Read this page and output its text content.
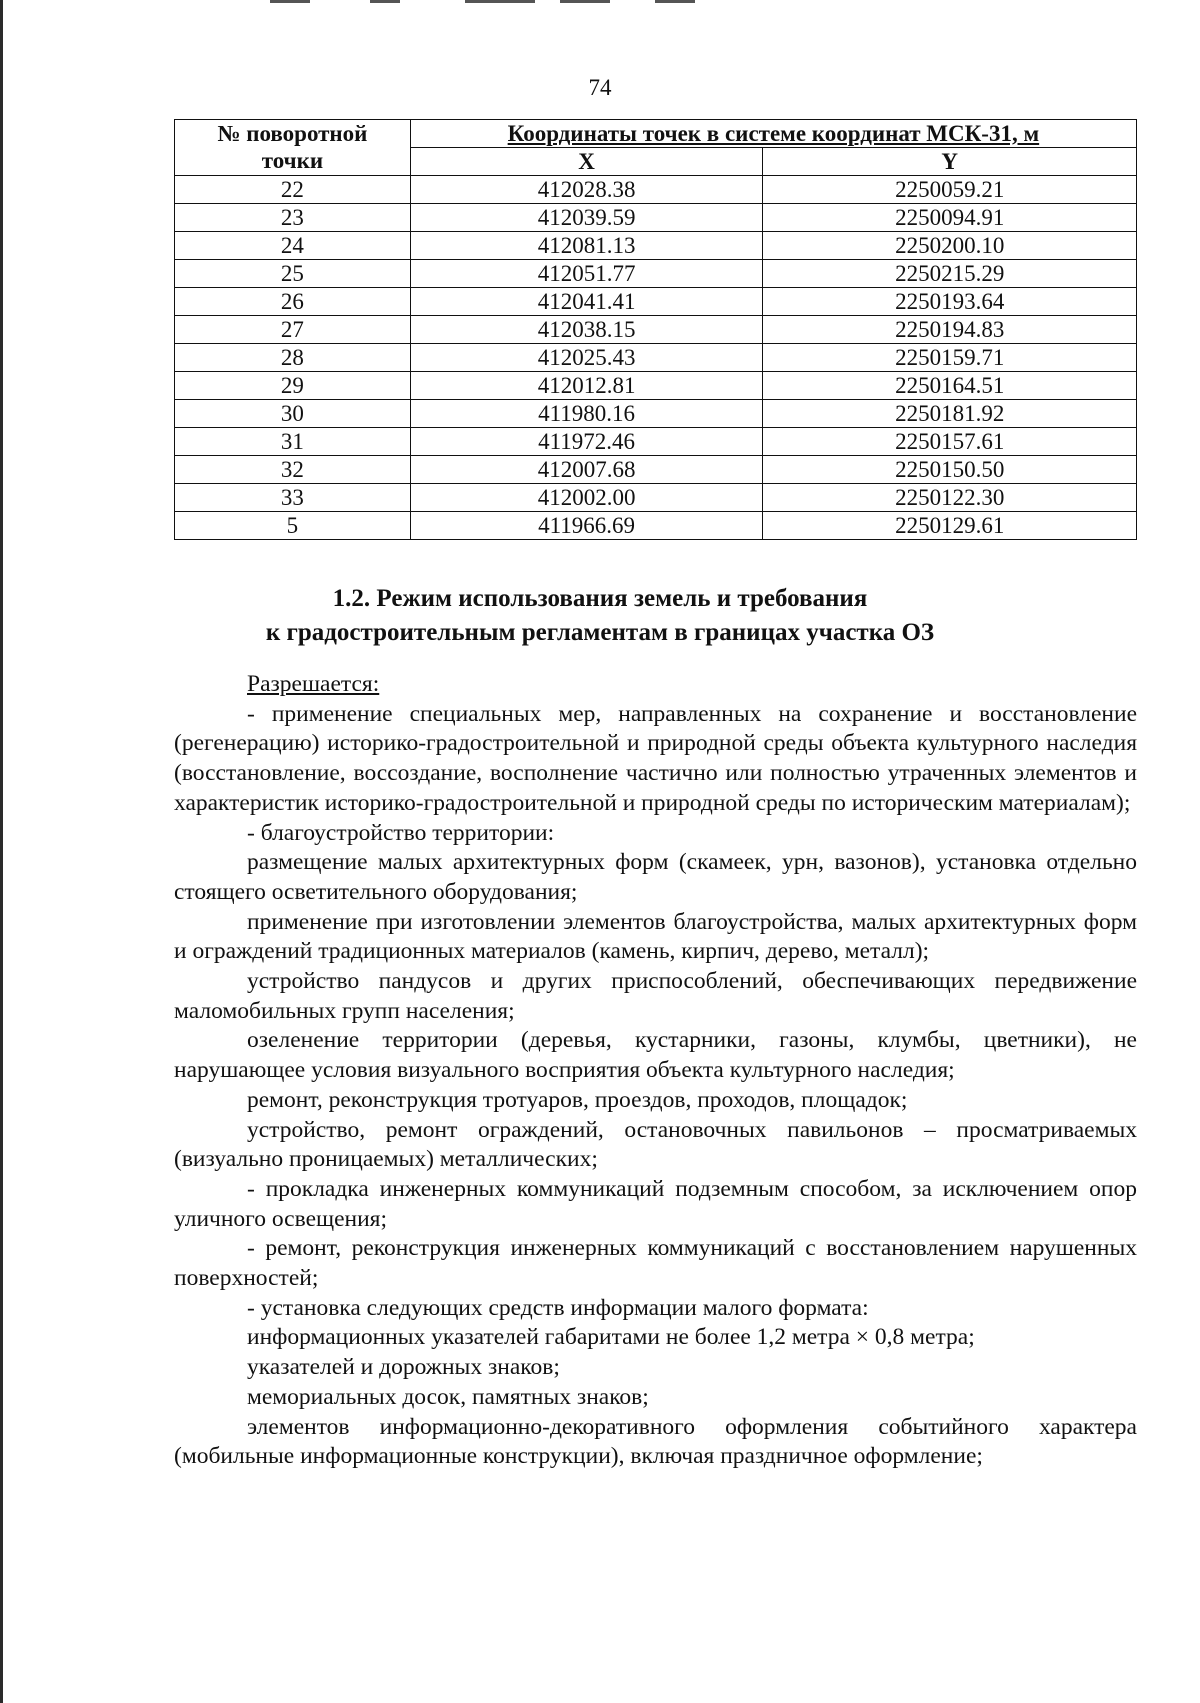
74
№ поворотной	Координаты точек в системе координат МСК-31, м	
точки	X	Y
22	412028.38	2250059.21
23	412039.59	2250094.91
24	412081.13	2250200.10
25	412051.77	2250215.29
26	412041.41	2250193.64
27	412038.15	2250194.83
28	412025.43	2250159.71
29	412012.81	2250164.51
30	411980.16	2250181.92
31	411972.46	2250157.61
32	412007.68	2250150.50
33	412002.00	2250122.30
5	411966.69	2250129.61
1.2. Режим использования земель и требования
к градостроительным регламентам в границах участка ОЗ

Разрешается:

- применение специальных мер, направленных на сохранение и восстановление (регенерацию) историко-градостроительной и природной среды объекта культурного наследия (восстановление, воссоздание, восполнение частично или полностью утраченных элементов и характеристик историко-градостроительной и природной среды по историческим материалам);

- благоустройство территории:

размещение малых архитектурных форм (скамеек, урн, вазонов), установка отдельно стоящего осветительного оборудования;

применение при изготовлении элементов благоустройства, малых архитектурных форм и ограждений традиционных материалов (камень, кирпич, дерево, металл);

устройство пандусов и других приспособлений, обеспечивающих передвижение маломобильных групп населения;

озеленение территории (деревья, кустарники, газоны, клумбы, цветники), не нарушающее условия визуального восприятия объекта культурного наследия;

ремонт, реконструкция тротуаров, проездов, проходов, площадок;

устройство, ремонт ограждений, остановочных павильонов – просматриваемых (визуально проницаемых) металлических;

- прокладка инженерных коммуникаций подземным способом, за исключением опор уличного освещения;

- ремонт, реконструкция инженерных коммуникаций с восстановлением нарушенных поверхностей;

- установка следующих средств информации малого формата:

информационных указателей габаритами не более 1,2 метра × 0,8 метра;

указателей и дорожных знаков;

мемориальных досок, памятных знаков;

элементов информационно-декоративного оформления событийного характера (мобильные информационные конструкции), включая праздничное оформление;
